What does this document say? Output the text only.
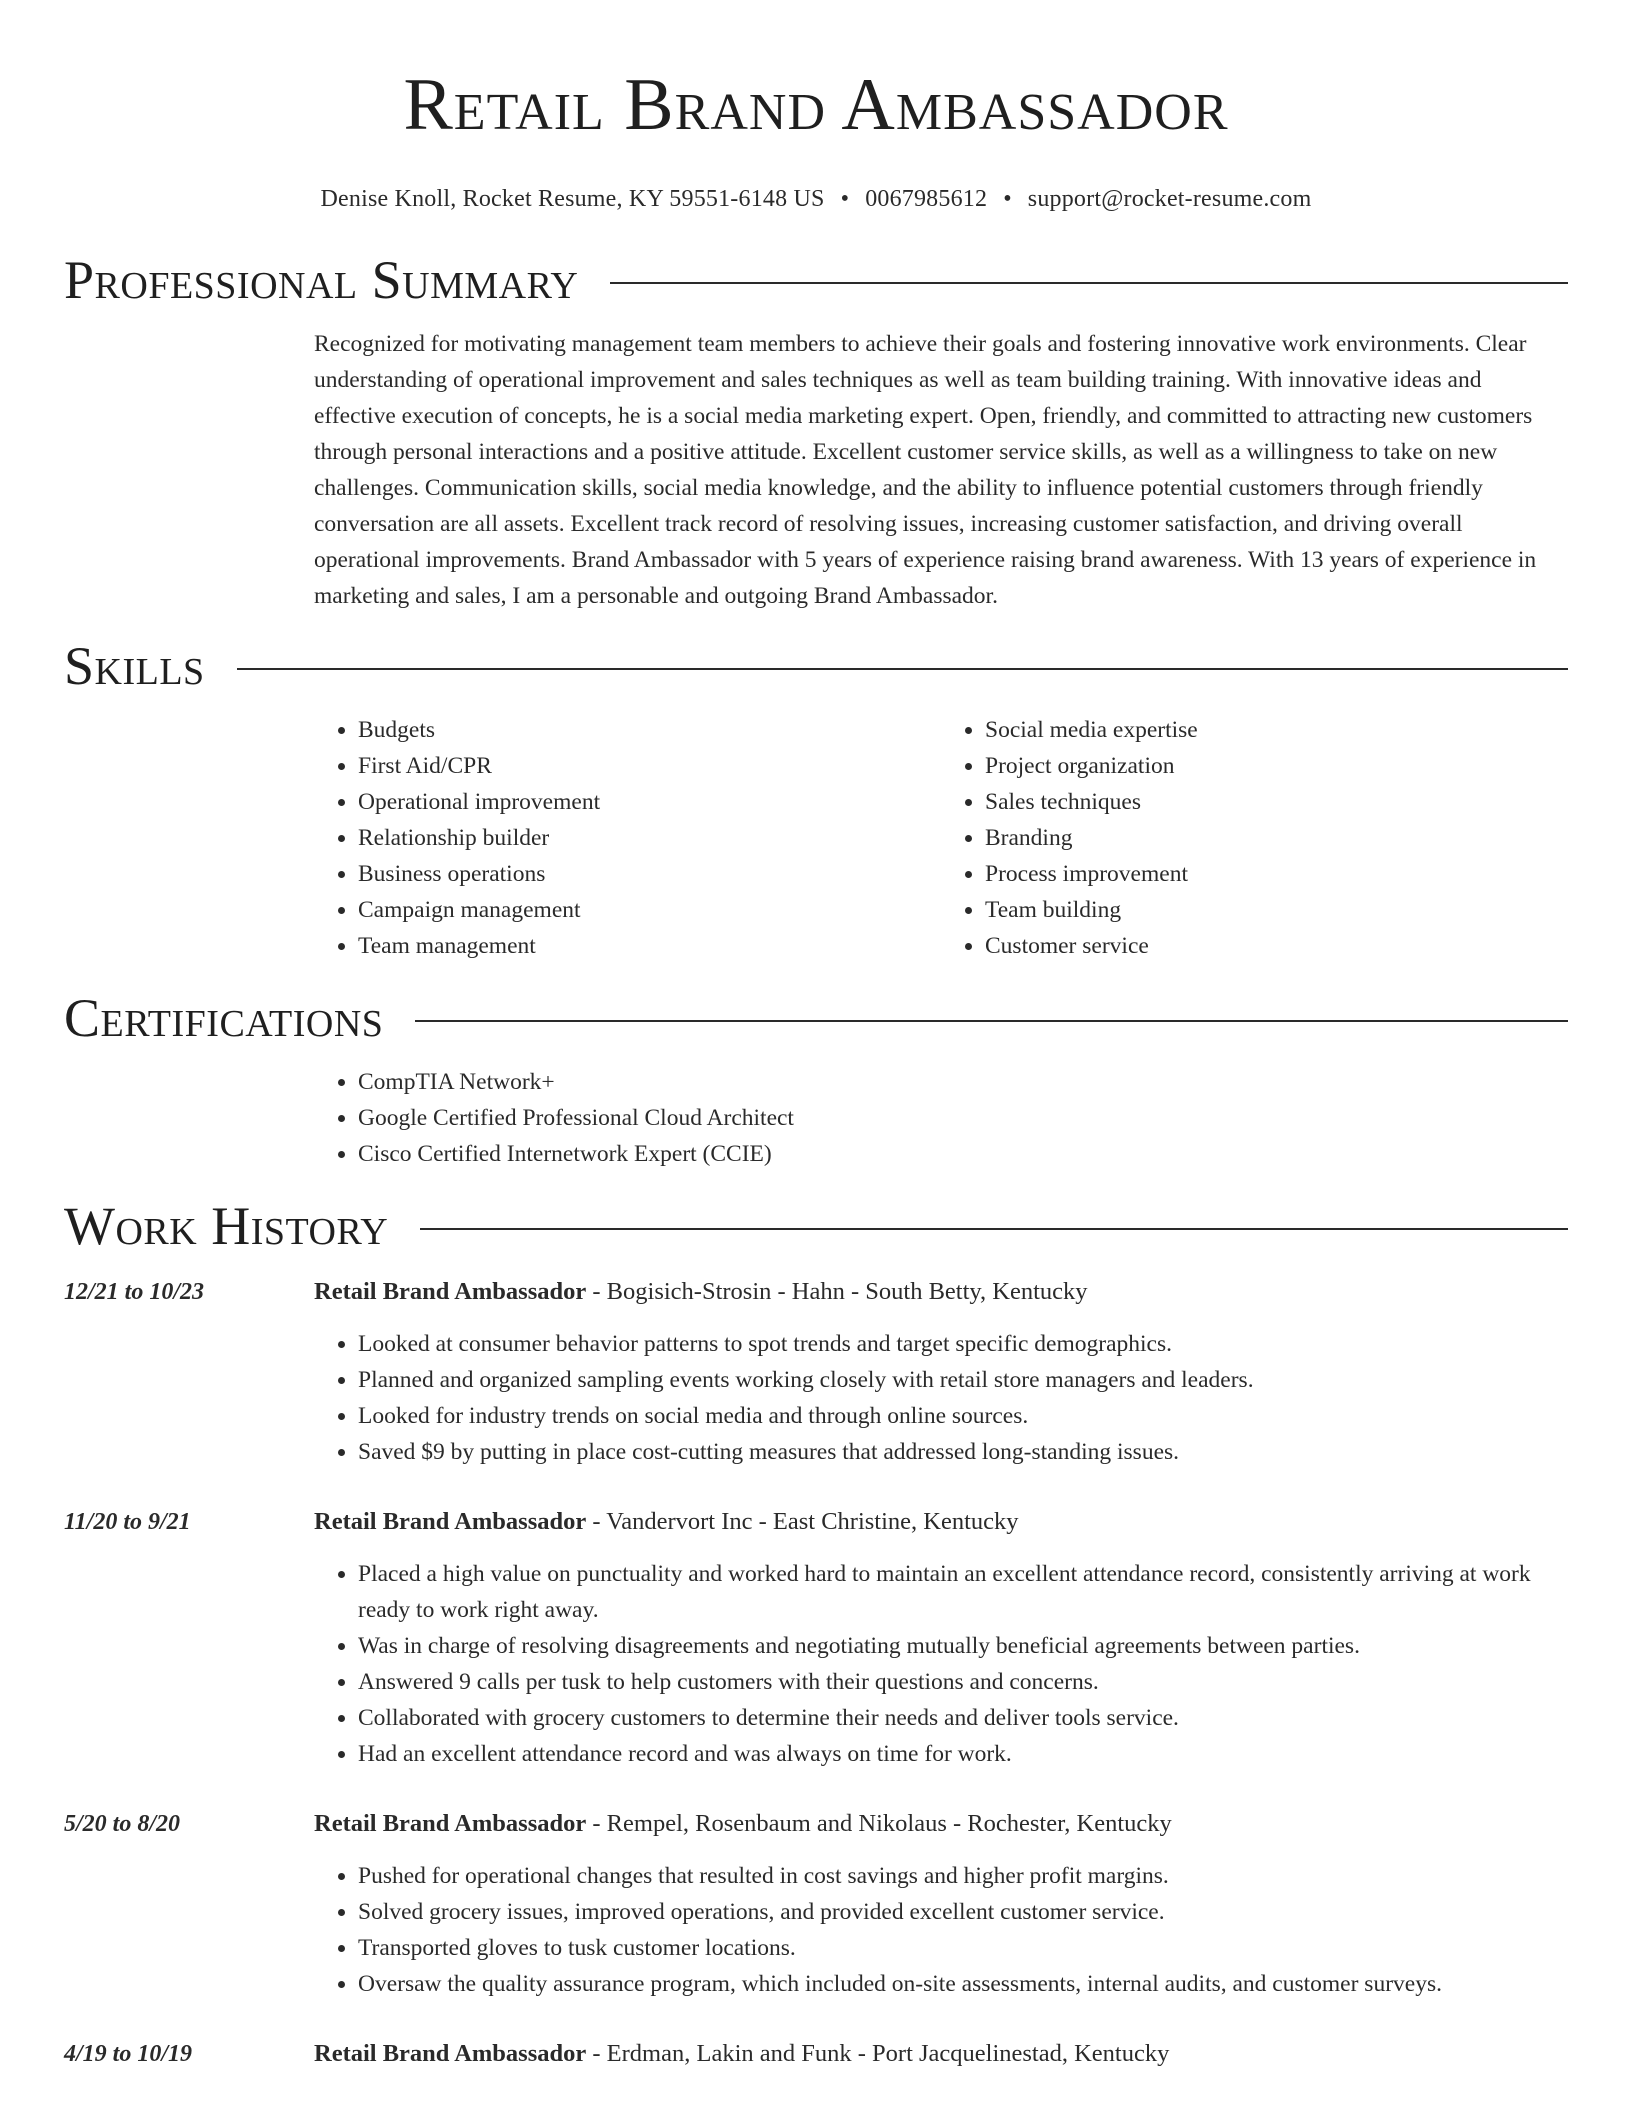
Retail Brand Ambassador
Denise Knoll, Rocket Resume, KY 59551-6148 US • 0067985612 • support@rocket-resume.com
Professional Summary

Recognized for motivating management team members to achieve their goals and fostering innovative work environments. Clear understanding of operational improvement and sales techniques as well as team building training. With innovative ideas and effective execution of concepts, he is a social media marketing expert. Open, friendly, and committed to attracting new customers through personal interactions and a positive attitude. Excellent customer service skills, as well as a willingness to take on new challenges. Communication skills, social media knowledge, and the ability to influence potential customers through friendly conversation are all assets. Excellent track record of resolving issues, increasing customer satisfaction, and driving overall operational improvements. Brand Ambassador with 5 years of experience raising brand awareness. With 13 years of experience in marketing and sales, I am a personable and outgoing Brand Ambassador.

Skills
• Budgets
• First Aid/CPR
• Operational improvement
• Relationship builder
• Business operations
• Campaign management
• Team management
• Social media expertise
• Project organization
• Sales techniques
• Branding
• Process improvement
• Team building
• Customer service
Certifications
• CompTIA Network+
• Google Certified Professional Cloud Architect
• Cisco Certified Internetwork Expert (CCIE)
Work History
12/21 to 10/23	Retail Brand Ambassador - Bogisich-Strosin - Hahn - South Betty, Kentucky
• Looked at consumer behavior patterns to spot trends and target specific demographics.
• Planned and organized sampling events working closely with retail store managers and leaders.
• Looked for industry trends on social media and through online sources.
• Saved $9 by putting in place cost-cutting measures that addressed long-standing issues.
11/20 to 9/21	Retail Brand Ambassador - Vandervort Inc - East Christine, Kentucky
• Placed a high value on punctuality and worked hard to maintain an excellent attendance record, consistently arriving at work ready to work right away.
• Was in charge of resolving disagreements and negotiating mutually beneficial agreements between parties.
• Answered 9 calls per tusk to help customers with their questions and concerns.
• Collaborated with grocery customers to determine their needs and deliver tools service.
• Had an excellent attendance record and was always on time for work.
5/20 to 8/20	Retail Brand Ambassador - Rempel, Rosenbaum and Nikolaus - Rochester, Kentucky
• Pushed for operational changes that resulted in cost savings and higher profit margins.
• Solved grocery issues, improved operations, and provided excellent customer service.
• Transported gloves to tusk customer locations.
• Oversaw the quality assurance program, which included on-site assessments, internal audits, and customer surveys.
4/19 to 10/19	Retail Brand Ambassador - Erdman, Lakin and Funk - Port Jacquelinestad, Kentucky
